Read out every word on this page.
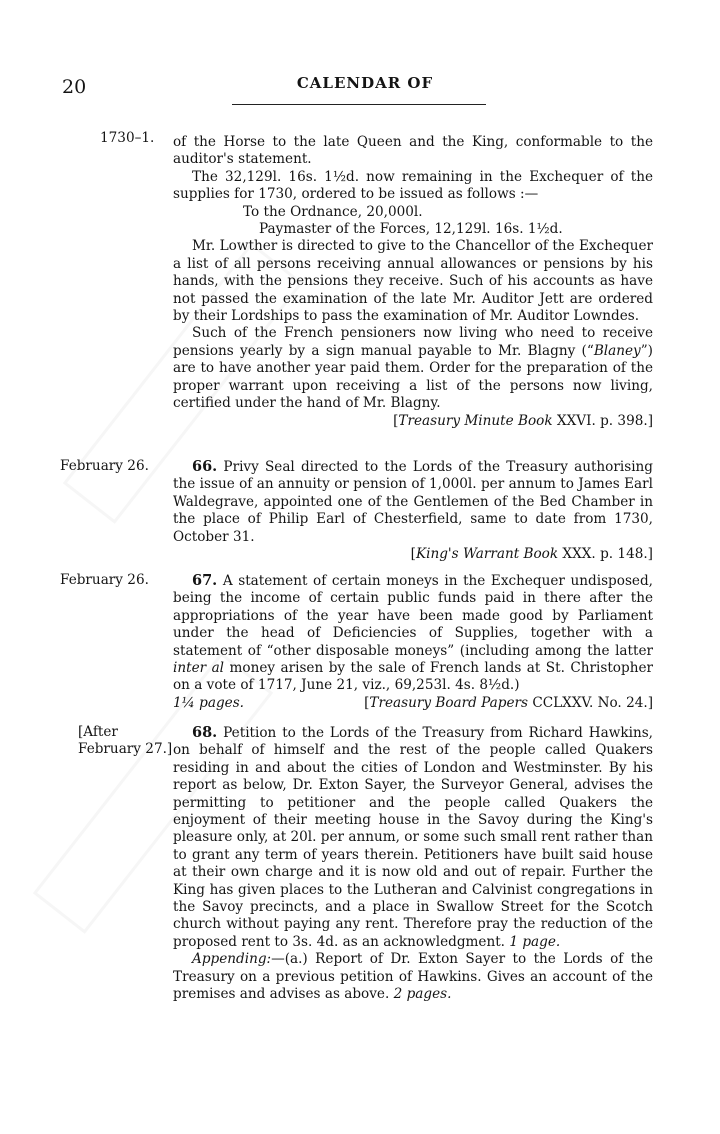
20	CALENDAR OF
1730–1.	of the Horse to the late Queen and the King, conformable to the auditor's statement.

The 32,129l. 16s. 1½d. now remaining in the Exchequer of the supplies for 1730, ordered to be issued as follows :—

To the Ordnance, 20,000l.

Paymaster of the Forces, 12,129l. 16s. 1½d.

Mr. Lowther is directed to give to the Chancellor of the Exchequer a list of all persons receiving annual allowances or pensions by his hands, with the pensions they receive. Such of his accounts as have not passed the examination of the late Mr. Auditor Jett are ordered by their Lordships to pass the examination of Mr. Auditor Lowndes.

Such of the French pensioners now living who need to receive pensions yearly by a sign manual payable to Mr. Blagny (“Blaney”) are to have another year paid them. Order for the preparation of the proper warrant upon receiving a list of the persons now living, certified under the hand of Mr. Blagny.

[Treasury Minute Book XXVI. p. 398.]

February 26.	66. Privy Seal directed to the Lords of the Treasury authorising the issue of an annuity or pension of 1,000l. per annum to James Earl Waldegrave, appointed one of the Gentlemen of the Bed Chamber in the place of Philip Earl of Chesterfield, same to date from 1730, October 31.

[King's Warrant Book XXX. p. 148.]

February 26.	67. A statement of certain moneys in the Exchequer undisposed, being the income of certain public funds paid in there after the appropriations of the year have been made good by Parliament under the head of Deficiencies of Supplies, together with a statement of “other disposable moneys” (including among the latter inter al money arisen by the sale of French lands at St. Christopher on a vote of 1717, June 21, viz., 69,253l. 4s. 8½d.)

1¼ pages.	[Treasury Board Papers CCLXXV. No. 24.]

[After
February 27.]

68. Petition to the Lords of the Treasury from Richard Hawkins, on behalf of himself and the rest of the people called Quakers residing in and about the cities of London and Westminster. By his report as below, Dr. Exton Sayer, the Surveyor General, advises the permitting to petitioner and the people called Quakers the enjoyment of their meeting house in the Savoy during the King's pleasure only, at 20l. per annum, or some such small rent rather than to grant any term of years therein. Petitioners have built said house at their own charge and it is now old and out of repair. Further the King has given places to the Lutheran and Calvinist congregations in the Savoy precincts, and a place in Swallow Street for the Scotch church without paying any rent. Therefore pray the reduction of the proposed rent to 3s. 4d. as an acknowledgment. 1 page.

Appending:—(a.) Report of Dr. Exton Sayer to the Lords of the Treasury on a previous petition of Hawkins. Gives an account of the premises and advises as above. 2 pages.
